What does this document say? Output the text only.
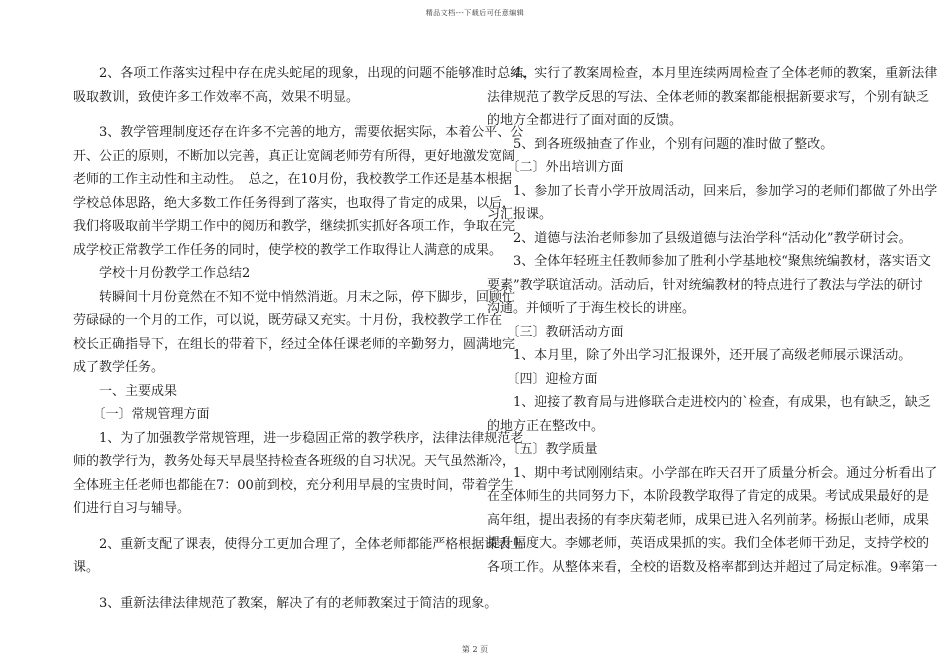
精品文档---下载后可任意编辑

　　2、各项工作落实过程中存在虎头蛇尾的现象，出现的问题不能够准时总结，

吸取教训，致使许多工作效率不高，效果不明显。

　　3、教学管理制度还存在许多不完善的地方，需要依据实际，本着公平、公

开、公正的原则，不断加以完善，真正让宽阔老师劳有所得，更好地激发宽阔

老师的工作主动性和主动性。　总之，在10月份，我校教学工作还是基本根据

学校总体思路，绝大多数工作任务得到了落实，也取得了肯定的成果，以后，

我们将吸取前半学期工作中的阅历和教学，继续抓实抓好各项工作，争取在完

成学校正常教学工作任务的同时，使学校的教学工作取得让人满意的成果。

　　学校十月份教学工作总结2

　　转瞬间十月份竟然在不知不觉中悄然消逝。月末之际，停下脚步，回顾忙

劳碌碌的一个月的工作，可以说，既劳碌又充实。十月份，我校教学工作在

校长正确指导下，在组长的带着下，经过全体任课老师的辛勤努力，圆满地完

成了教学任务。

　　一、主要成果

　　〔一〕常规管理方面

　　1、为了加强教学常规管理，进一步稳固正常的教学秩序，法律法律规范老

师的教学行为，教务处每天早晨坚持检查各班级的自习状况。天气虽然渐冷，

全体班主任老师也都能在7：00前到校，充分利用早晨的宝贵时间，带着学生

们进行自习与辅导。

　　2、重新支配了课表，使得分工更加合理了，全体老师都能严格根据课表上

课。

　　3、重新法律法律规范了教案，解决了有的老师教案过于简洁的现象。

　　4、实行了教案周检查，本月里连续两周检查了全体老师的教案，重新法律

法律规范了教学反思的写法、全体老师的教案都能根据新要求写，个别有缺乏

的地方全都进行了面对面的反馈。

　　5、到各班级抽查了作业，个别有问题的准时做了整改。

　　〔二〕外出培训方面

　　1、参加了长青小学开放周活动，回来后，参加学习的老师们都做了外出学

习汇报课。

　　2、道德与法治老师参加了县级道德与法治学科“活动化”教学研讨会。

　　3、全体年轻班主任教师参加了胜利小学基地校“聚焦统编教材，落实语文

要素”教学联谊活动。活动后，针对统编教材的特点进行了教法与学法的研讨

沟通。并倾听了于海生校长的讲座。

　　〔三〕教研活动方面

　　1、本月里，除了外出学习汇报课外，还开展了高级老师展示课活动。

　　〔四〕迎检方面

　　1、迎接了教育局与进修联合走进校内的`检查，有成果，也有缺乏，缺乏

的地方正在整改中。

　　〔五〕教学质量

　　1、期中考试刚刚结束。小学部在昨天召开了质量分析会。通过分析看出了

在全体师生的共同努力下，本阶段教学取得了肯定的成果。考试成果最好的是

高年组，提出表扬的有李庆菊老师，成果已进入名列前茅。杨振山老师，成果

提升幅度大。李娜老师，英语成果抓的实。我们全体老师干劲足，支持学校的

各项工作。从整体来看，全校的语数及格率都到达并超过了局定标准。9率第一

第 2 页
